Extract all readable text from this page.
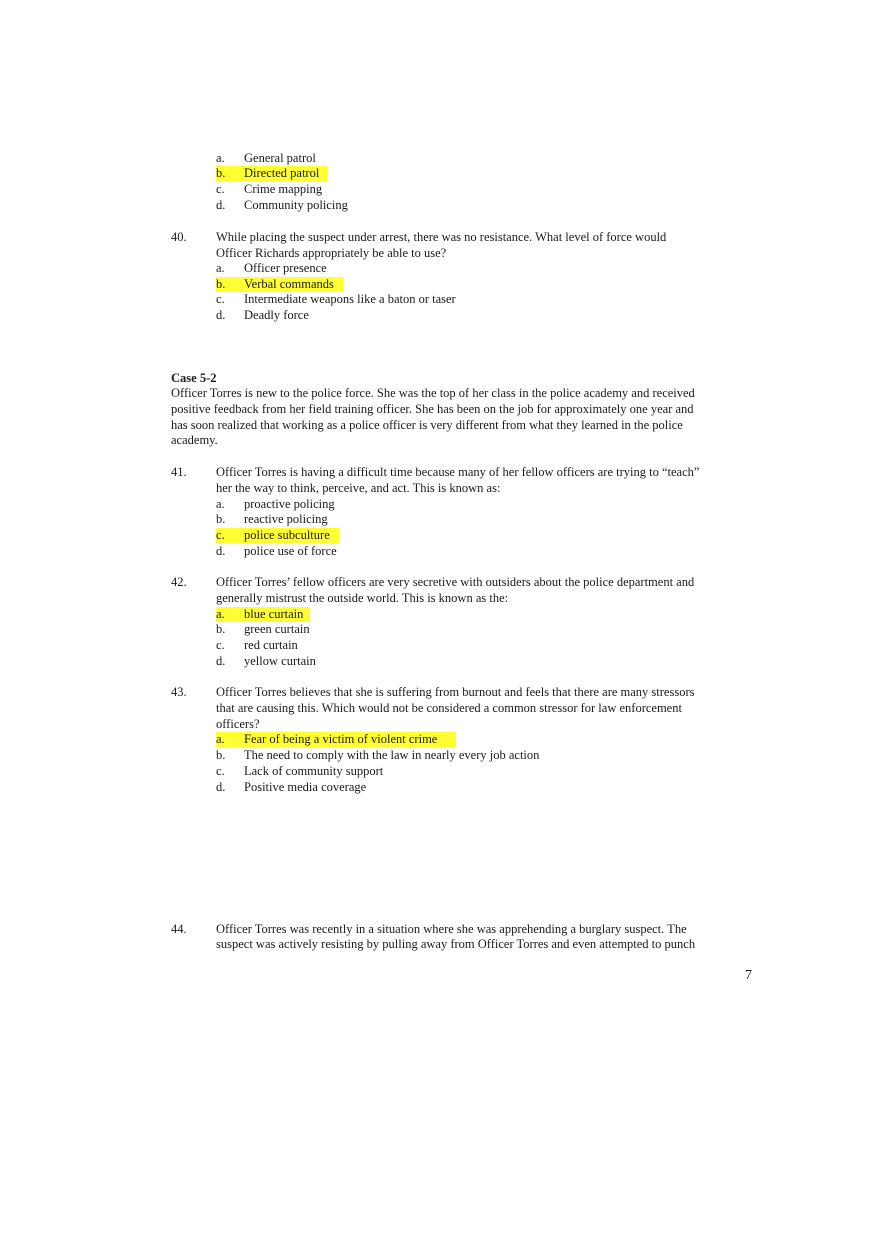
a. General patrol
b. Directed patrol
c. Crime mapping
d. Community policing
40. While placing the suspect under arrest, there was no resistance. What level of force would
Officer Richards appropriately be able to use?
a. Officer presence
b. Verbal commands
c. Intermediate weapons like a baton or taser
d. Deadly force
Case 5-2
Officer Torres is new to the police force. She was the top of her class in the police academy and received
positive feedback from her field training officer. She has been on the job for approximately one year and
has soon realized that working as a police officer is very different from what they learned in the police
academy.
41. Officer Torres is having a difficult time because many of her fellow officers are trying to “teach”
her the way to think, perceive, and act. This is known as:
a. proactive policing
b. reactive policing
c. police subculture
d. police use of force
42. Officer Torres’ fellow officers are very secretive with outsiders about the police department and
generally mistrust the outside world. This is known as the:
a. blue curtain
b. green curtain
c. red curtain
d. yellow curtain
43. Officer Torres believes that she is suffering from burnout and feels that there are many stressors
that are causing this. Which would not be considered a common stressor for law enforcement
officers?
a. Fear of being a victim of violent crime
b. The need to comply with the law in nearly every job action
c. Lack of community support
d. Positive media coverage
44. Officer Torres was recently in a situation where she was apprehending a burglary suspect. The
suspect was actively resisting by pulling away from Officer Torres and even attempted to punch
7
